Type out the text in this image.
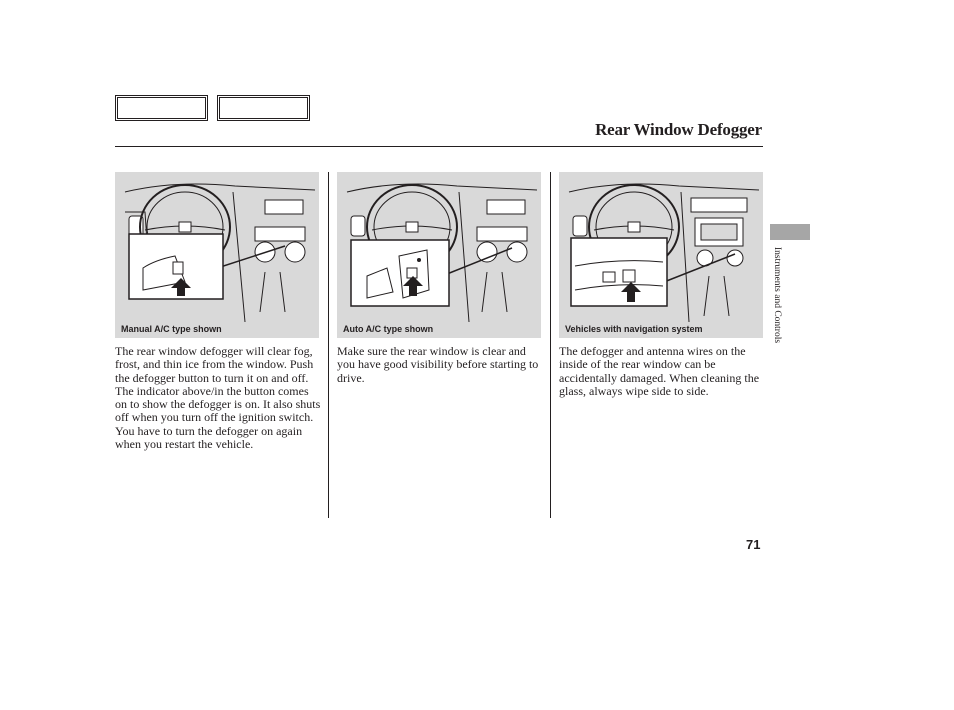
Rear Window Defogger
Manual A/C type shown
The rear window defogger will clear fog, frost, and thin ice from the window. Push the defogger button to turn it on and off. The indicator above/in the button comes on to show the defogger is on. It also shuts off when you turn off the ignition switch. You have to turn the defogger on again when you restart the vehicle.
Auto A/C type shown
Make sure the rear window is clear and you have good visibility before starting to drive.
Vehicles with navigation system
The defogger and antenna wires on the inside of the rear window can be accidentally damaged. When cleaning the glass, always wipe side to side.
Instruments and Controls
71
